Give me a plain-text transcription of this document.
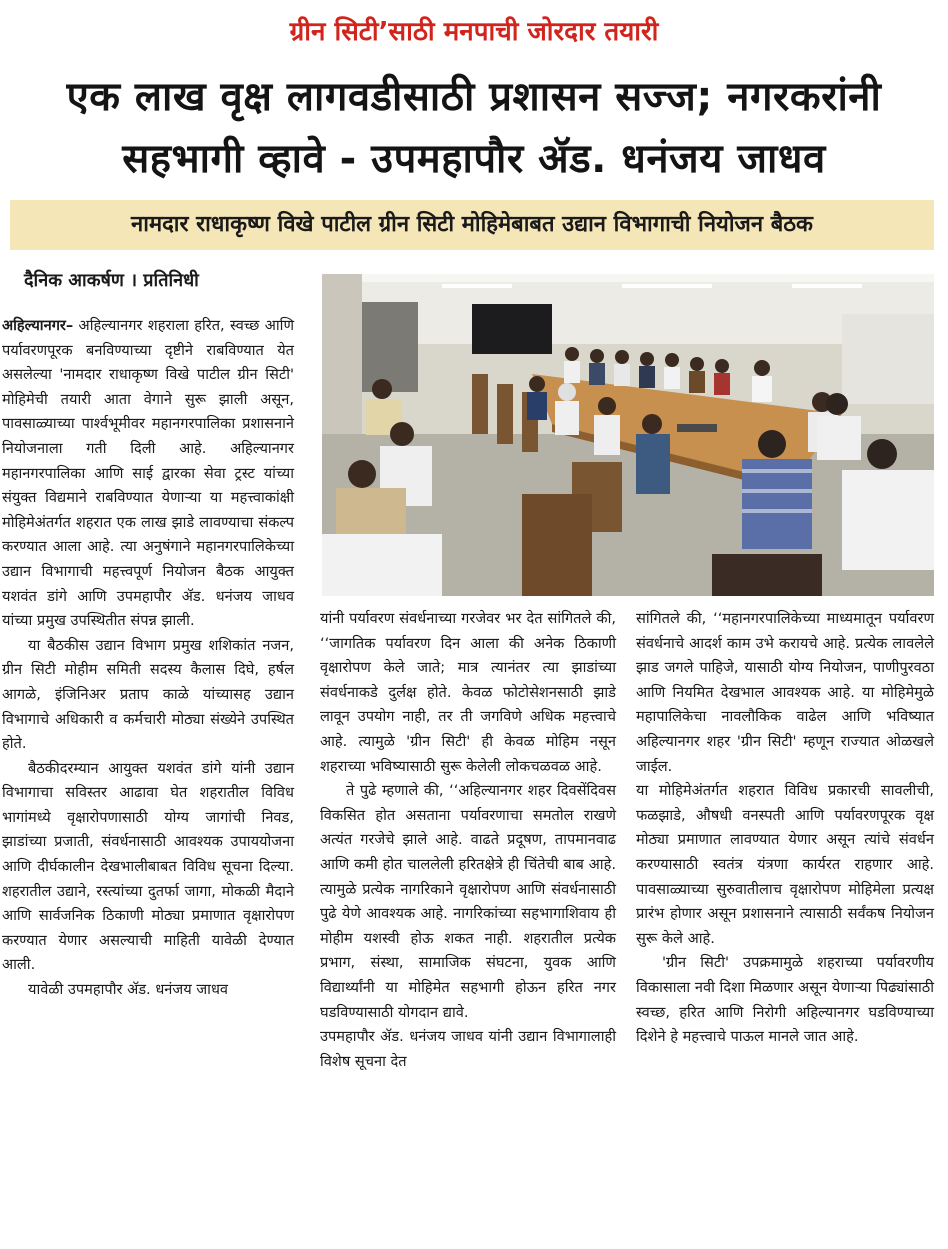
ग्रीन सिटी’साठी मनपाची जोरदार तयारी
एक लाख वृक्ष लागवडीसाठी प्रशासन सज्ज; नगरकरांनी सहभागी व्हावे - उपमहापौर ॲड. धनंजय जाधव
नामदार राधाकृष्ण विखे पाटील ग्रीन सिटी मोहिमेबाबत उद्यान विभागाची नियोजन बैठक
दैनिक आकर्षण । प्रतिनिधी

अहिल्यानगर– अहिल्यानगर शहराला हरित, स्वच्छ आणि पर्यावरणपूरक बनविण्याच्या दृष्टीने राबविण्यात येत असलेल्या 'नामदार राधाकृष्ण विखे पाटील ग्रीन सिटी' मोहिमेची तयारी आता वेगाने सुरू झाली असून, पावसाळ्याच्या पार्श्वभूमीवर महानगरपालिका प्रशासनाने नियोजनाला गती दिली आहे. अहिल्यानगर महानगरपालिका आणि साई द्वारका सेवा ट्रस्ट यांच्या संयुक्त विद्यमाने राबविण्यात येणाऱ्या या महत्त्वाकांक्षी मोहिमेअंतर्गत शहरात एक लाख झाडे लावण्याचा संकल्प करण्यात आला आहे. त्या अनुषंगाने महानगरपालिकेच्या उद्यान विभागाची महत्त्वपूर्ण नियोजन बैठक आयुक्त यशवंत डांगे आणि उपमहापौर ॲड. धनंजय जाधव यांच्या प्रमुख उपस्थितीत संपन्न झाली.

या बैठकीस उद्यान विभाग प्रमुख शशिकांत नजन, ग्रीन सिटी मोहीम समिती सदस्य कैलास दिघे, हर्षल आगळे, इंजिनिअर प्रताप काळे यांच्यासह उद्यान विभागाचे अधिकारी व कर्मचारी मोठ्या संख्येने उपस्थित होते.

बैठकीदरम्यान आयुक्त यशवंत डांगे यांनी उद्यान विभागाचा सविस्तर आढावा घेत शहरातील विविध भागांमध्ये वृक्षारोपणासाठी योग्य जागांची निवड, झाडांच्या प्रजाती, संवर्धनासाठी आवश्यक उपाययोजना आणि दीर्घकालीन देखभालीबाबत विविध सूचना दिल्या. शहरातील उद्याने, रस्त्यांच्या दुतर्फा जागा, मोकळी मैदाने आणि सार्वजनिक ठिकाणी मोठ्या प्रमाणात वृक्षारोपण करण्यात येणार असल्याची माहिती यावेळी देण्यात आली.

यावेळी उपमहापौर ॲड. धनंजय जाधव

यांनी पर्यावरण संवर्धनाच्या गरजेवर भर देत सांगितले की, ‘‘जागतिक पर्यावरण दिन आला की अनेक ठिकाणी वृक्षारोपण केले जाते; मात्र त्यानंतर त्या झाडांच्या संवर्धनाकडे दुर्लक्ष होते. केवळ फोटोसेशनसाठी झाडे लावून उपयोग नाही, तर ती जगविणे अधिक महत्त्वाचे आहे. त्यामुळे 'ग्रीन सिटी' ही केवळ मोहिम नसून शहराच्या भविष्यासाठी सुरू केलेली लोकचळवळ आहे.

ते पुढे म्हणाले की, ‘‘अहिल्यानगर शहर दिवसेंदिवस विकसित होत असताना पर्यावरणाचा समतोल राखणे अत्यंत गरजेचे झाले आहे. वाढते प्रदूषण, तापमानवाढ आणि कमी होत चाललेली हरितक्षेत्रे ही चिंतेची बाब आहे. त्यामुळे प्रत्येक नागरिकाने वृक्षारोपण आणि संवर्धनासाठी पुढे येणे आवश्यक आहे. नागरिकांच्या सहभागाशिवाय ही मोहीम यशस्वी होऊ शकत नाही. शहरातील प्रत्येक प्रभाग, संस्था, सामाजिक संघटना, युवक आणि विद्यार्थ्यांनी या मोहिमेत सहभागी होऊन हरित नगर घडविण्यासाठी योगदान द्यावे.

उपमहापौर ॲड. धनंजय जाधव यांनी उद्यान विभागालाही विशेष सूचना देत

सांगितले की, ‘‘महानगरपालिकेच्या माध्यमातून पर्यावरण संवर्धनाचे आदर्श काम उभे करायचे आहे. प्रत्येक लावलेले झाड जगले पाहिजे, यासाठी योग्य नियोजन, पाणीपुरवठा आणि नियमित देखभाल आवश्यक आहे. या मोहिमेमुळे महापालिकेचा नावलौकिक वाढेल आणि भविष्यात अहिल्यानगर शहर 'ग्रीन सिटी' म्हणून राज्यात ओळखले जाईल.

या मोहिमेअंतर्गत शहरात विविध प्रकारची सावलीची, फळझाडे, औषधी वनस्पती आणि पर्यावरणपूरक वृक्ष मोठ्या प्रमाणात लावण्यात येणार असून त्यांचे संवर्धन करण्यासाठी स्वतंत्र यंत्रणा कार्यरत राहणार आहे. पावसाळ्याच्या सुरुवातीलाच वृक्षारोपण मोहिमेला प्रत्यक्ष प्रारंभ होणार असून प्रशासनाने त्यासाठी सर्वंकष नियोजन सुरू केले आहे.

'ग्रीन सिटी' उपक्रमामुळे शहराच्या पर्यावरणीय विकासाला नवी दिशा मिळणार असून येणाऱ्या पिढ्यांसाठी स्वच्छ, हरित आणि निरोगी अहिल्यानगर घडविण्याच्या दिशेने हे महत्त्वाचे पाऊल मानले जात आहे.
